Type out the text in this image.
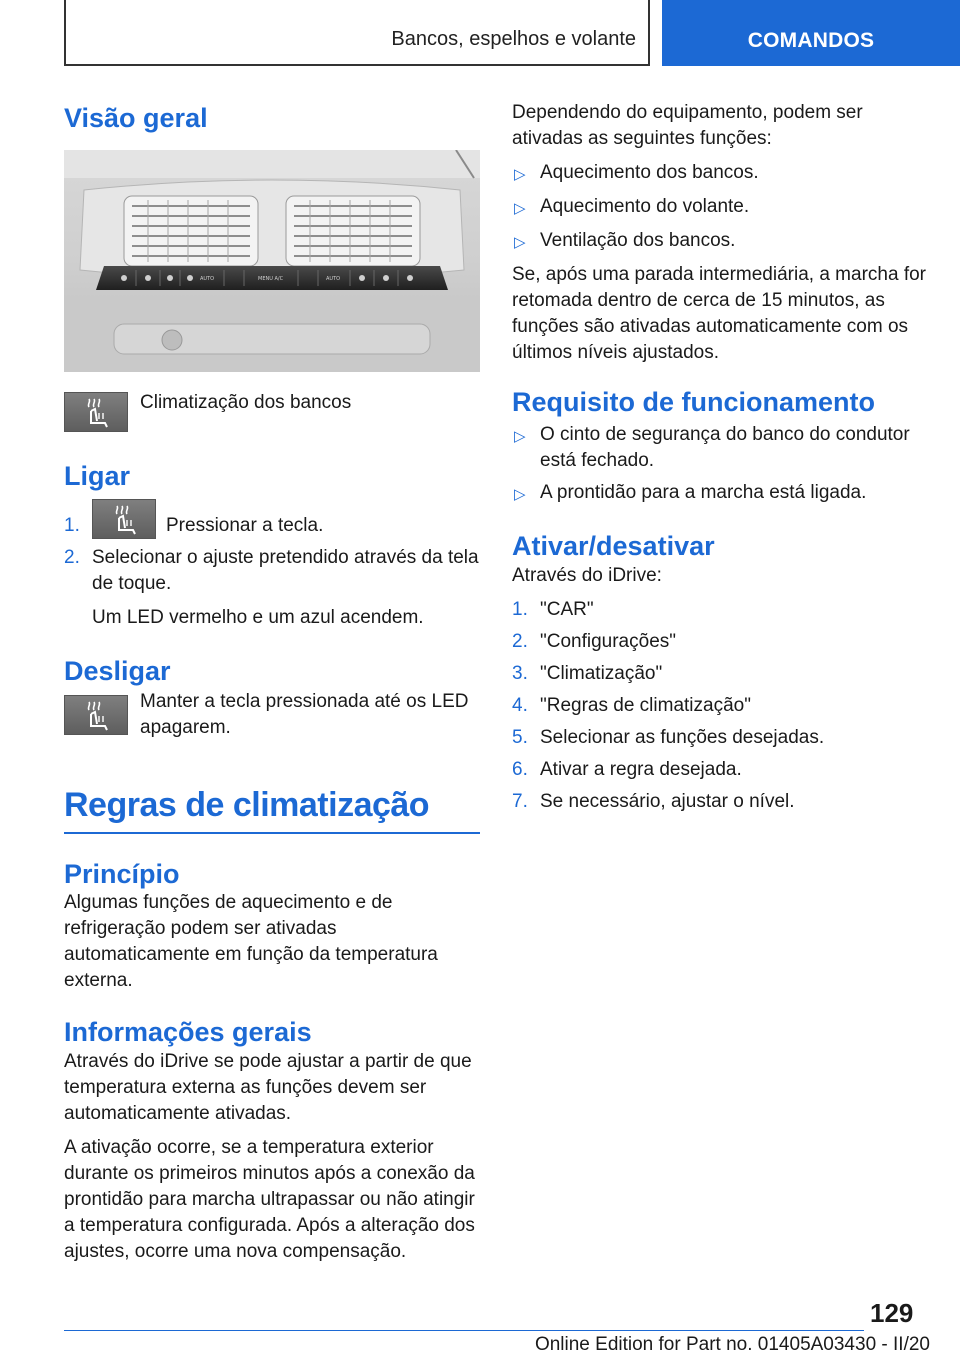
Bancos, espelhos e volante	COMANDOS
Visão geral
AUTO	MENU A/C	AUTO

Climatização dos bancos

Ligar
1.	Pressionar a tecla.
2. Selecionar o ajuste pretendido através da tela de toque.

Um LED vermelho e um azul acendem.

Desligar

Manter a tecla pressionada até os LED apagarem.

Regras de climatização
Princípio

Algumas funções de aquecimento e de refrigeração podem ser ativadas automaticamente em função da temperatura externa.

Informações gerais

Através do iDrive se pode ajustar a partir de que temperatura externa as funções devem ser automaticamente ativadas.

A ativação ocorre, se a temperatura exterior durante os primeiros minutos após a conexão da prontidão para marcha ultrapassar ou não atingir a temperatura configurada. Após a alteração dos ajustes, ocorre uma nova compensação.

Dependendo do equipamento, podem ser ativadas as seguintes funções:

▷ Aquecimento dos bancos.
▷ Aquecimento do volante.
▷ Ventilação dos bancos.

Se, após uma parada intermediária, a marcha for retomada dentro de cerca de 15 minutos, as funções são ativadas automaticamente com os últimos níveis ajustados.

Requisito de funcionamento
▷ O cinto de segurança do banco do condutor está fechado.
▷ A prontidão para a marcha está ligada.
Ativar/desativar

Através do iDrive:

1. "CAR"
2. "Configurações"
3. "Climatização"
4. "Regras de climatização"
5. Selecionar as funções desejadas.
6. Ativar a regra desejada.
7. Se necessário, ajustar o nível.
129
Online Edition for Part no. 01405A03430 - II/20
